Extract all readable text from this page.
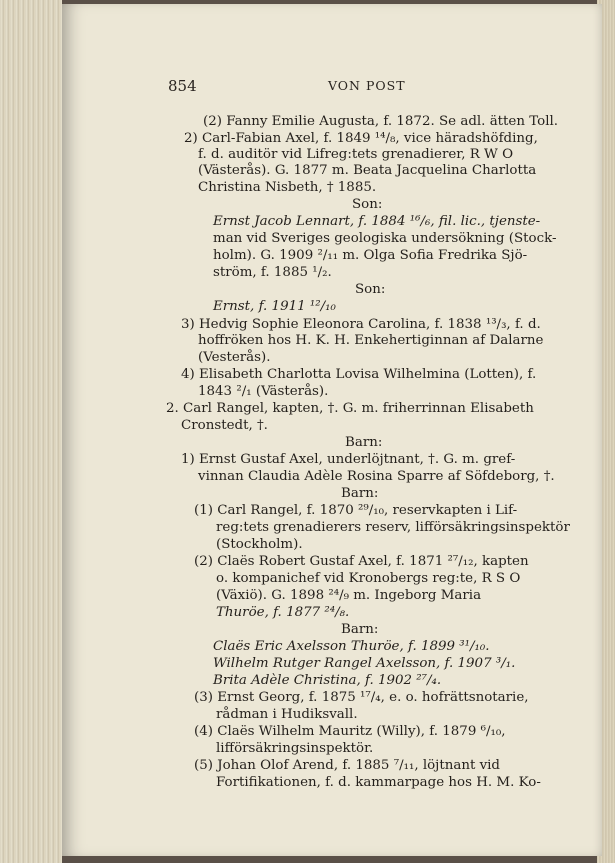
854	VON POST
(2) Fanny Emilie Augusta, f. 1872. Se adl. ätten Toll.
2) Carl-Fabian Axel, f. 1849 ¹⁴/₈, vice häradshöfding,
f. d. auditör vid Lifreg:tets grenadierer, R W O
(Västerås). G. 1877 m. Beata Jacquelina Charlotta
Christina Nisbeth, † 1885.
Son:
Ernst Jacob Lennart, f. 1884 ¹⁶/₆, fil. lic., tjenste-
man vid Sveriges geologiska undersökning (Stock-
holm). G. 1909 ²/₁₁ m. Olga Sofia Fredrika Sjö-
ström, f. 1885 ¹/₂.
Son:
Ernst, f. 1911 ¹²/₁₀
3) Hedvig Sophie Eleonora Carolina, f. 1838 ¹³/₃, f. d.
hoffröken hos H. K. H. Enkehertiginnan af Dalarne
(Vesterås).
4) Elisabeth Charlotta Lovisa Wilhelmina (Lotten), f.
1843 ²/₁ (Västerås).
2. Carl Rangel, kapten, †. G. m. friherrinnan Elisabeth
Cronstedt, †.
Barn:
1) Ernst Gustaf Axel, underlöjtnant, †. G. m. gref-
vinnan Claudia Adèle Rosina Sparre af Söfdeborg, †.
Barn:
(1) Carl Rangel, f. 1870 ²⁹/₁₀, reservkapten i Lif-
reg:tets grenadierers reserv, lifförsäkringsinspektör
(Stockholm).
(2) Claës Robert Gustaf Axel, f. 1871 ²⁷/₁₂, kapten
o. kompanichef vid Kronobergs reg:te, R S O
(Växiö). G. 1898 ²⁴/₉ m. Ingeborg Maria
Thuröe, f. 1877 ²⁴/₈.
Barn:
Claës Eric Axelsson Thuröe, f. 1899 ³¹/₁₀.
Wilhelm Rutger Rangel Axelsson, f. 1907 ³/₁.
Brita Adèle Christina, f. 1902 ²⁷/₄.
(3) Ernst Georg, f. 1875 ¹⁷/₄, e. o. hofrättsnotarie,
rådman i Hudiksvall.
(4) Claës Wilhelm Mauritz (Willy), f. 1879 ⁶/₁₀,
lifförsäkringsinspektör.
(5) Johan Olof Arend, f. 1885 ⁷/₁₁, löjtnant vid
Fortifikationen, f. d. kammarpage hos H. M. Ko-
